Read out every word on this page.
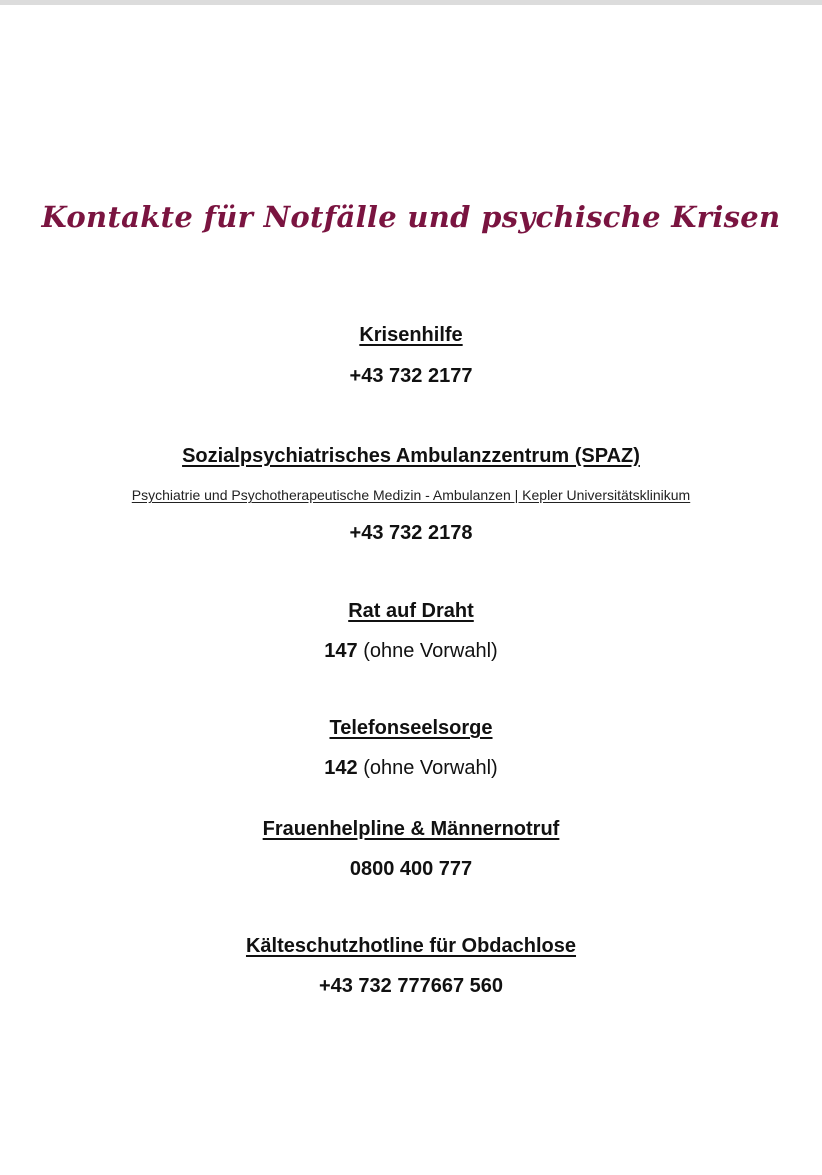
Kontakte für Notfälle und psychische Krisen

Krisenhilfe

+43 732 2177

Sozialpsychiatrisches Ambulanzzentrum (SPAZ)

Psychiatrie und Psychotherapeutische Medizin - Ambulanzen | Kepler Universitätsklinikum

+43 732 2178

Rat auf Draht

147 (ohne Vorwahl)

Telefonseelsorge

142 (ohne Vorwahl)

Frauenhelpline & Männernotruf

0800 400 777

Kälteschutzhotline für Obdachlose

+43 732 777667 560
